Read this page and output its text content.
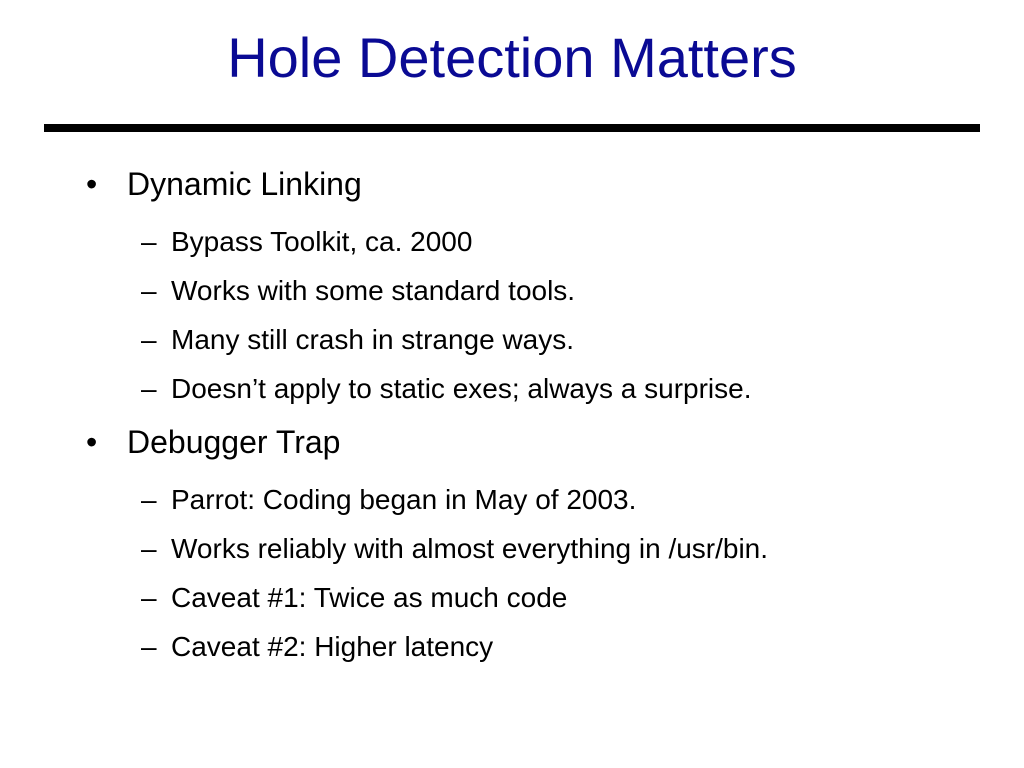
Hole Detection Matters
• Dynamic Linking
– Bypass Toolkit, ca. 2000
– Works with some standard tools.
– Many still crash in strange ways.
– Doesn’t apply to static exes; always a surprise.
• Debugger Trap
– Parrot: Coding began in May of 2003.
– Works reliably with almost everything in /usr/bin.
– Caveat #1: Twice as much code
– Caveat #2: Higher latency
